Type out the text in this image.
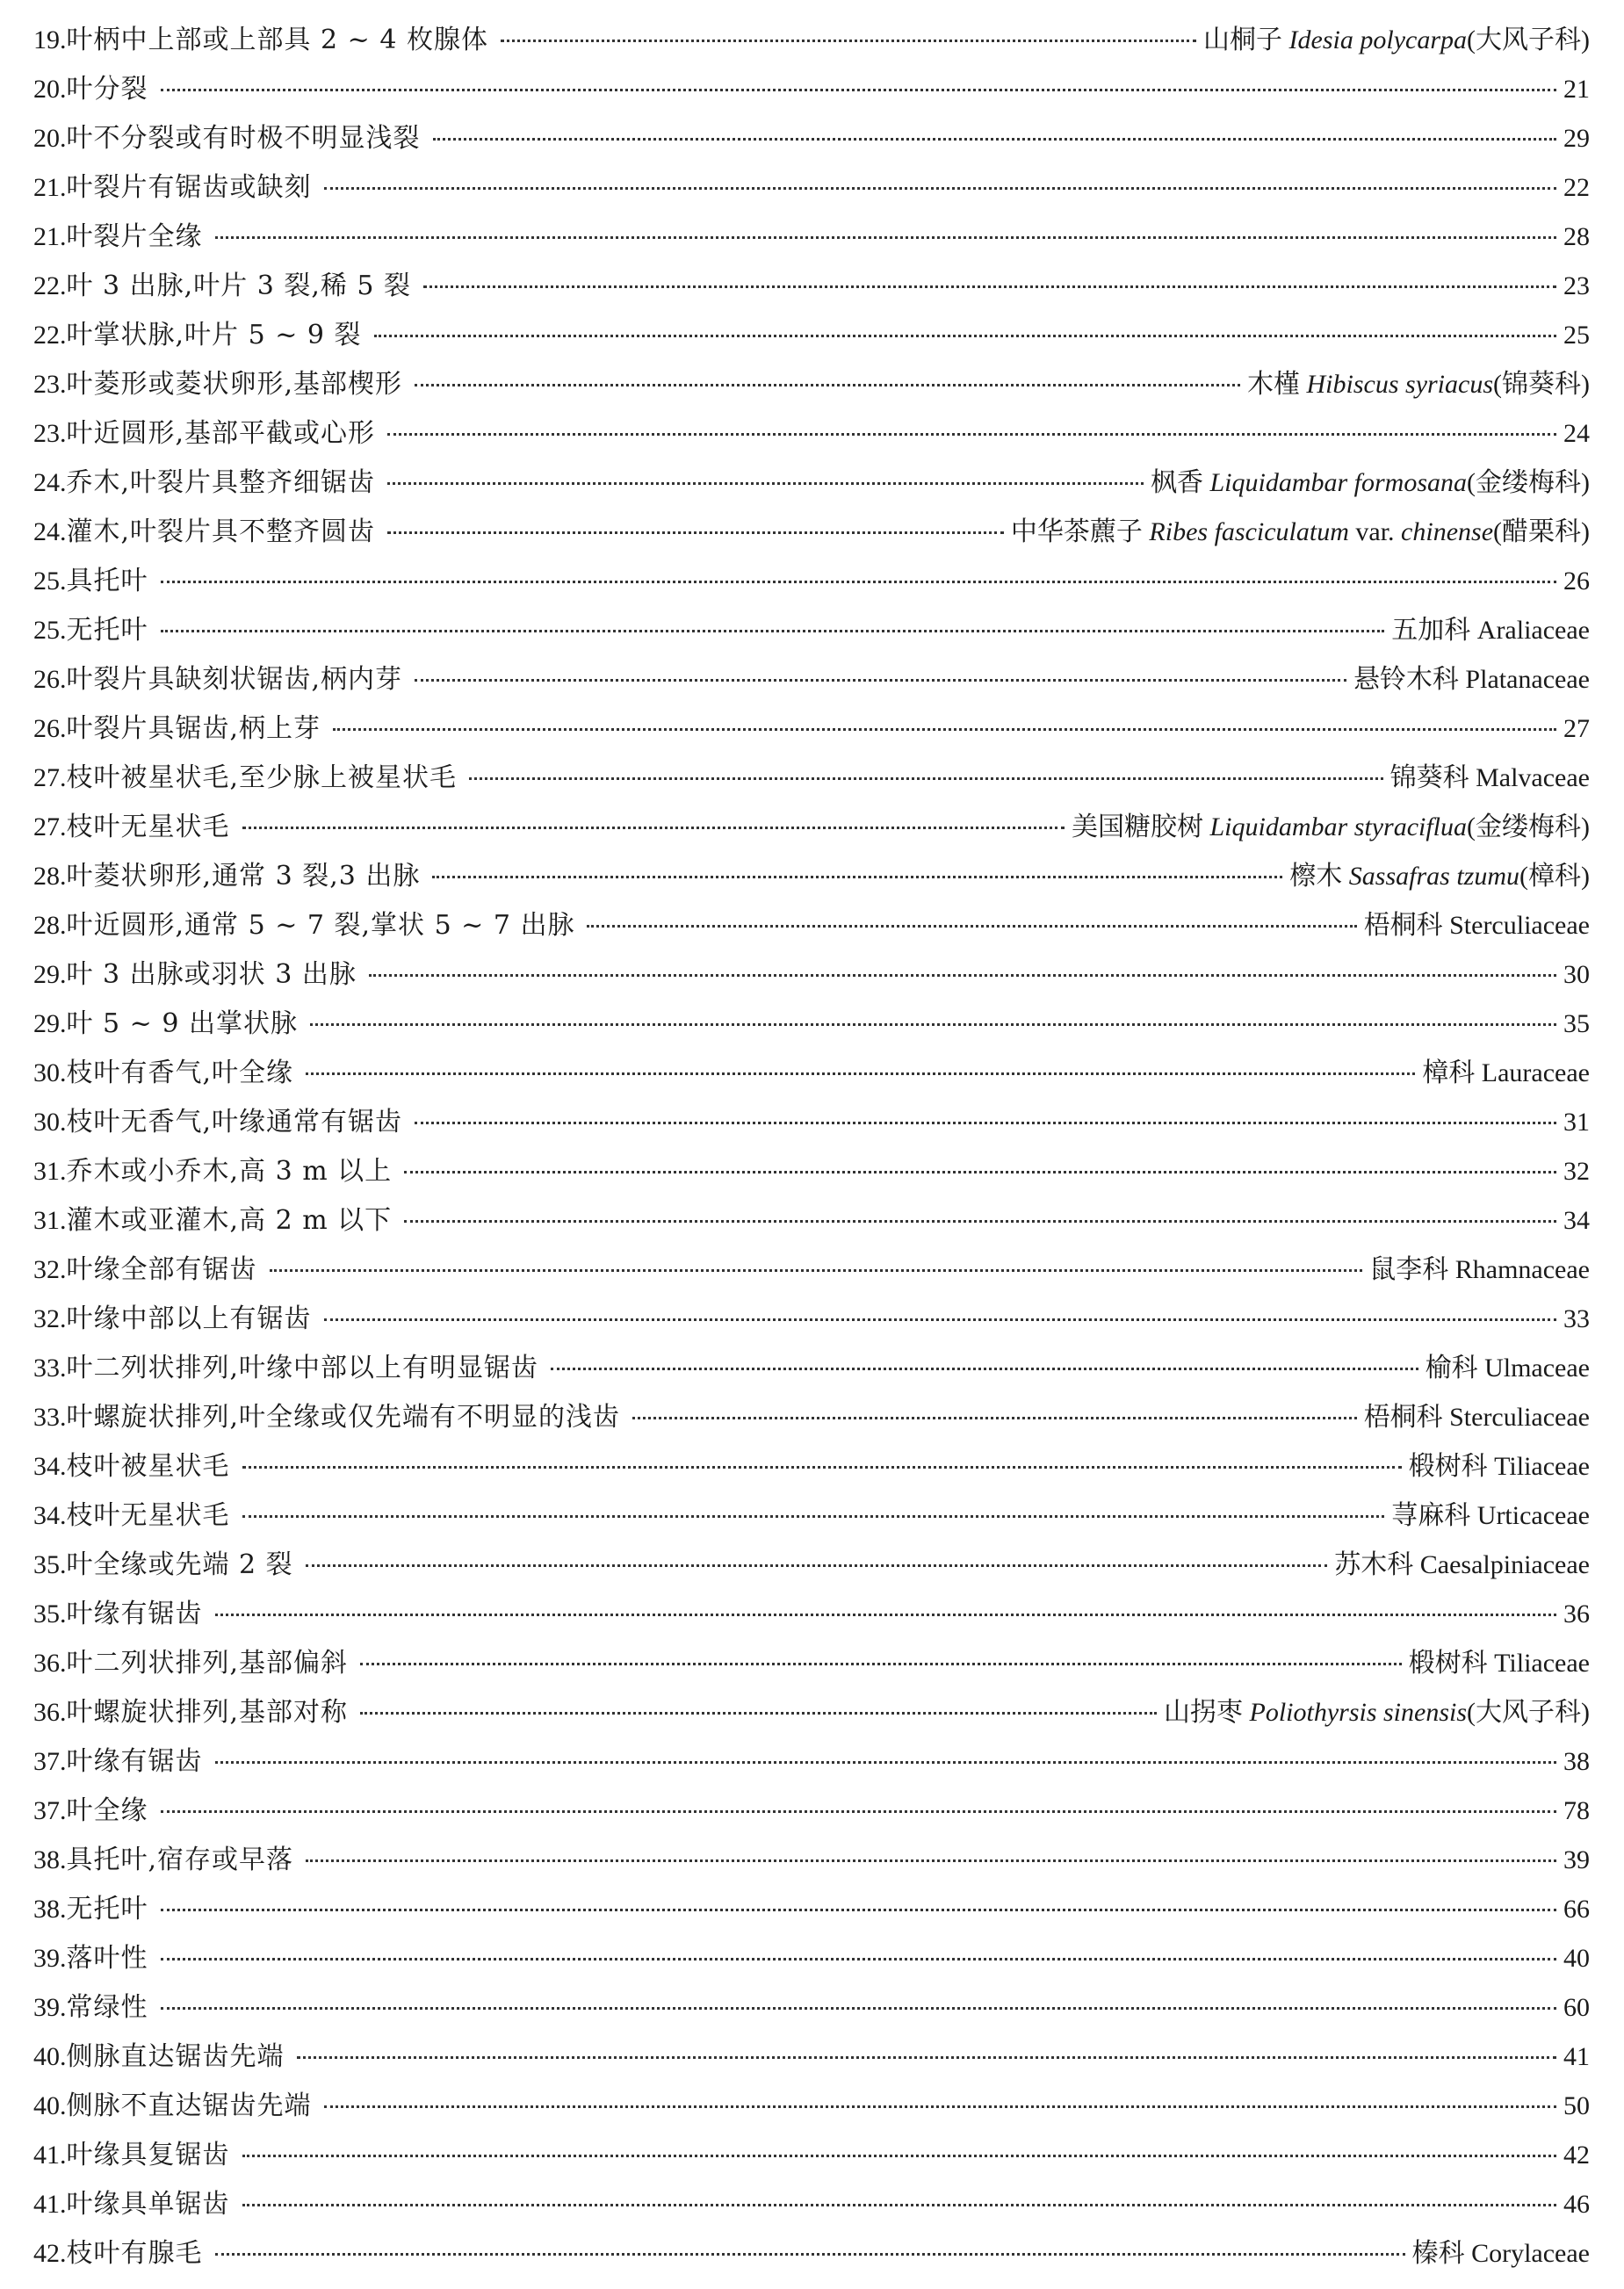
19. 叶柄中上部或上部具 2 ~ 4 枚腺体	山桐子 Idesia polycarpa(大风子科)
20. 叶分裂	21
20. 叶不分裂或有时极不明显浅裂	29
21. 叶裂片有锯齿或缺刻	22
21. 叶裂片全缘	28
22. 叶 3 出脉,叶片 3 裂,稀 5 裂	23
22. 叶掌状脉,叶片 5 ~ 9 裂	25
23. 叶菱形或菱状卵形,基部楔形	木槿 Hibiscus syriacus(锦葵科)
23. 叶近圆形,基部平截或心形	24
24. 乔木,叶裂片具整齐细锯齿	枫香 Liquidambar formosana(金缕梅科)
24. 灌木,叶裂片具不整齐圆齿	中华茶藨子 Ribes fasciculatum var. chinense(醋栗科)
25. 具托叶	26
25. 无托叶	五加科 Araliaceae
26. 叶裂片具缺刻状锯齿,柄内芽	悬铃木科 Platanaceae
26. 叶裂片具锯齿,柄上芽	27
27. 枝叶被星状毛,至少脉上被星状毛	锦葵科 Malvaceae
27. 枝叶无星状毛	美国糖胶树 Liquidambar styraciflua(金缕梅科)
28. 叶菱状卵形,通常 3 裂,3 出脉	檫木 Sassafras tzumu(樟科)
28. 叶近圆形,通常 5 ~ 7 裂,掌状 5 ~ 7 出脉	梧桐科 Sterculiaceae
29. 叶 3 出脉或羽状 3 出脉	30
29. 叶 5 ~ 9 出掌状脉	35
30. 枝叶有香气,叶全缘	樟科 Lauraceae
30. 枝叶无香气,叶缘通常有锯齿	31
31. 乔木或小乔木,高 3 m 以上	32
31. 灌木或亚灌木,高 2 m 以下	34
32. 叶缘全部有锯齿	鼠李科 Rhamnaceae
32. 叶缘中部以上有锯齿	33
33. 叶二列状排列,叶缘中部以上有明显锯齿	榆科 Ulmaceae
33. 叶螺旋状排列,叶全缘或仅先端有不明显的浅齿	梧桐科 Sterculiaceae
34. 枝叶被星状毛	椴树科 Tiliaceae
34. 枝叶无星状毛	荨麻科 Urticaceae
35. 叶全缘或先端 2 裂	苏木科 Caesalpiniaceae
35. 叶缘有锯齿	36
36. 叶二列状排列,基部偏斜	椴树科 Tiliaceae
36. 叶螺旋状排列,基部对称	山拐枣 Poliothyrsis sinensis(大风子科)
37. 叶缘有锯齿	38
37. 叶全缘	78
38. 具托叶,宿存或早落	39
38. 无托叶	66
39. 落叶性	40
39. 常绿性	60
40. 侧脉直达锯齿先端	41
40. 侧脉不直达锯齿先端	50
41. 叶缘具复锯齿	42
41. 叶缘具单锯齿	46
42. 枝叶有腺毛	榛科 Corylaceae
